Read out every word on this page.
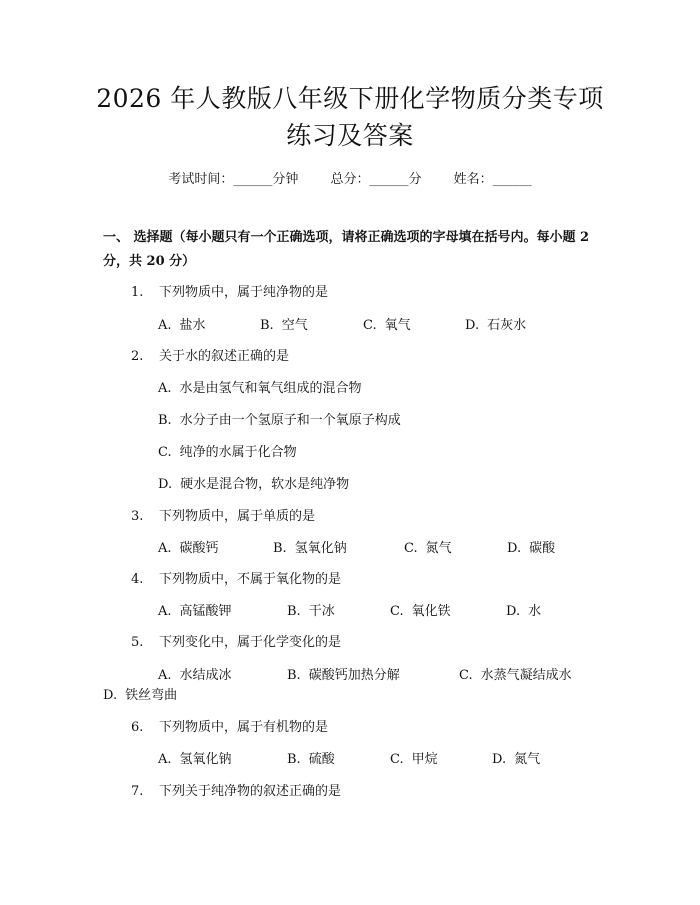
2026 年人教版八年级下册化学物质分类专项
练习及答案
考试时间：______分钟 总分：______分 姓名：______
一、 选择题（每小题只有一个正确选项，请将正确选项的字母填在括号内。每小题 2 分，共 20 分）
1. 下列物质中，属于纯净物的是
A. 盐水	B. 空气	C. 氧气	D. 石灰水
2. 关于水的叙述正确的是
A. 水是由氢气和氧气组成的混合物
B. 水分子由一个氢原子和一个氧原子构成
C. 纯净的水属于化合物
D. 硬水是混合物，软水是纯净物
3. 下列物质中，属于单质的是
A. 碳酸钙	B. 氢氧化钠	C. 氮气	D. 碳酸
4. 下列物质中，不属于氧化物的是
A. 高锰酸钾	B. 干冰	C. 氧化铁	D. 水
5. 下列变化中，属于化学变化的是
A. 水结成冰	B. 碳酸钙加热分解	C. 水蒸气凝结成水
D. 铁丝弯曲
6. 下列物质中，属于有机物的是
A. 氢氧化钠	B. 硫酸	C. 甲烷	D. 氮气
7. 下列关于纯净物的叙述正确的是
